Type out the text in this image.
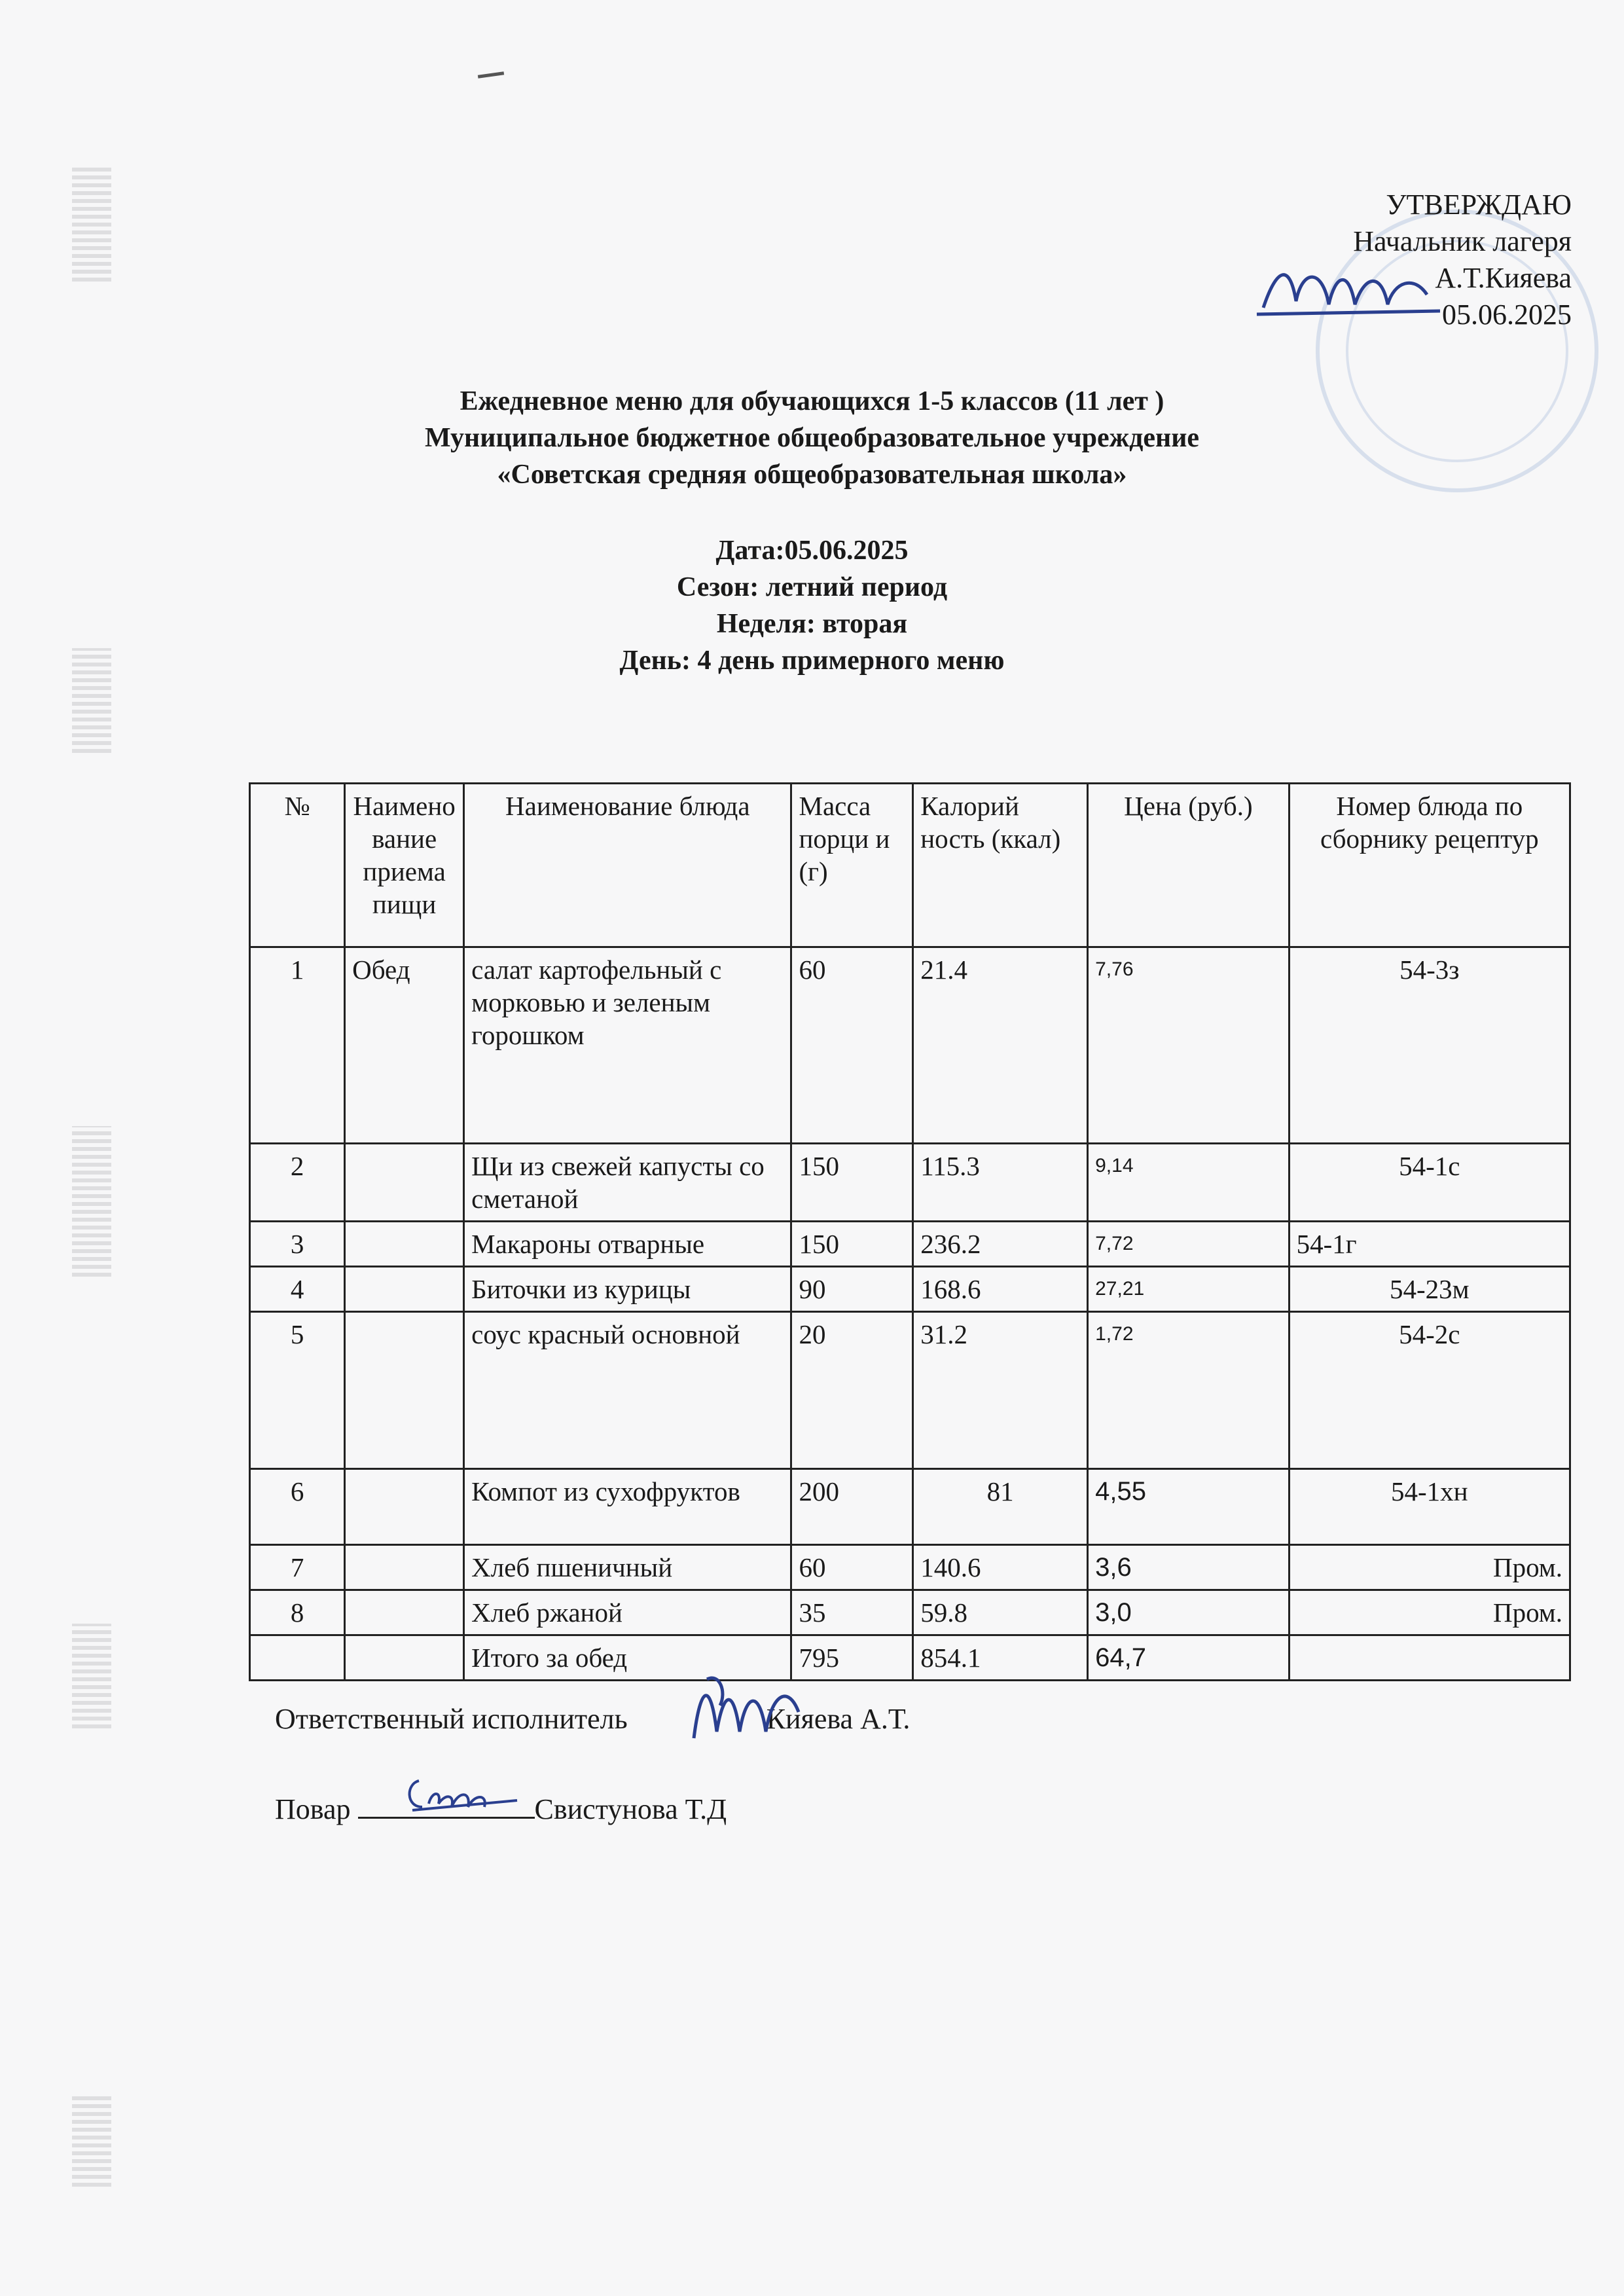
УТВЕРЖДАЮ
Начальник лагеря
А.Т.Кияева
05.06.2025
Ежедневное меню для обучающихся 1-5 классов (11 лет )
Муниципальное бюджетное общеобразовательное учреждение
«Советская средняя общеобразовательная школа»
Дата:05.06.2025
Сезон: летний период
Неделя: вторая
День: 4 день примерного меню
№	Наимено вание приема пищи	Наименование блюда	Масса порци и (г)	Калорий ность (ккал)	Цена (руб.)	Номер блюда по сборнику рецептур
1	Обед	салат картофельный с морковью и зеленым горошком	60	21.4	7,76	54-3з
2		Щи из свежей капусты со сметаной	150	115.3	9,14	54-1с
3		Макароны отварные	150	236.2	7,72	54-1г
4		Биточки из курицы	90	168.6	27,21	54-23м
5		соус красный основной	20	31.2	1,72	54-2с
6		Компот из сухофруктов	200	81	4,55	54-1хн
7		Хлеб пшеничный	60	140.6	3,6	Пром.
8		Хлеб ржаной	35	59.8	3,0	Пром.
		Итого за обед	795	854.1	64,7	
Ответственный исполнитель	Кияева А.Т.
Повар	Свистунова Т.Д
